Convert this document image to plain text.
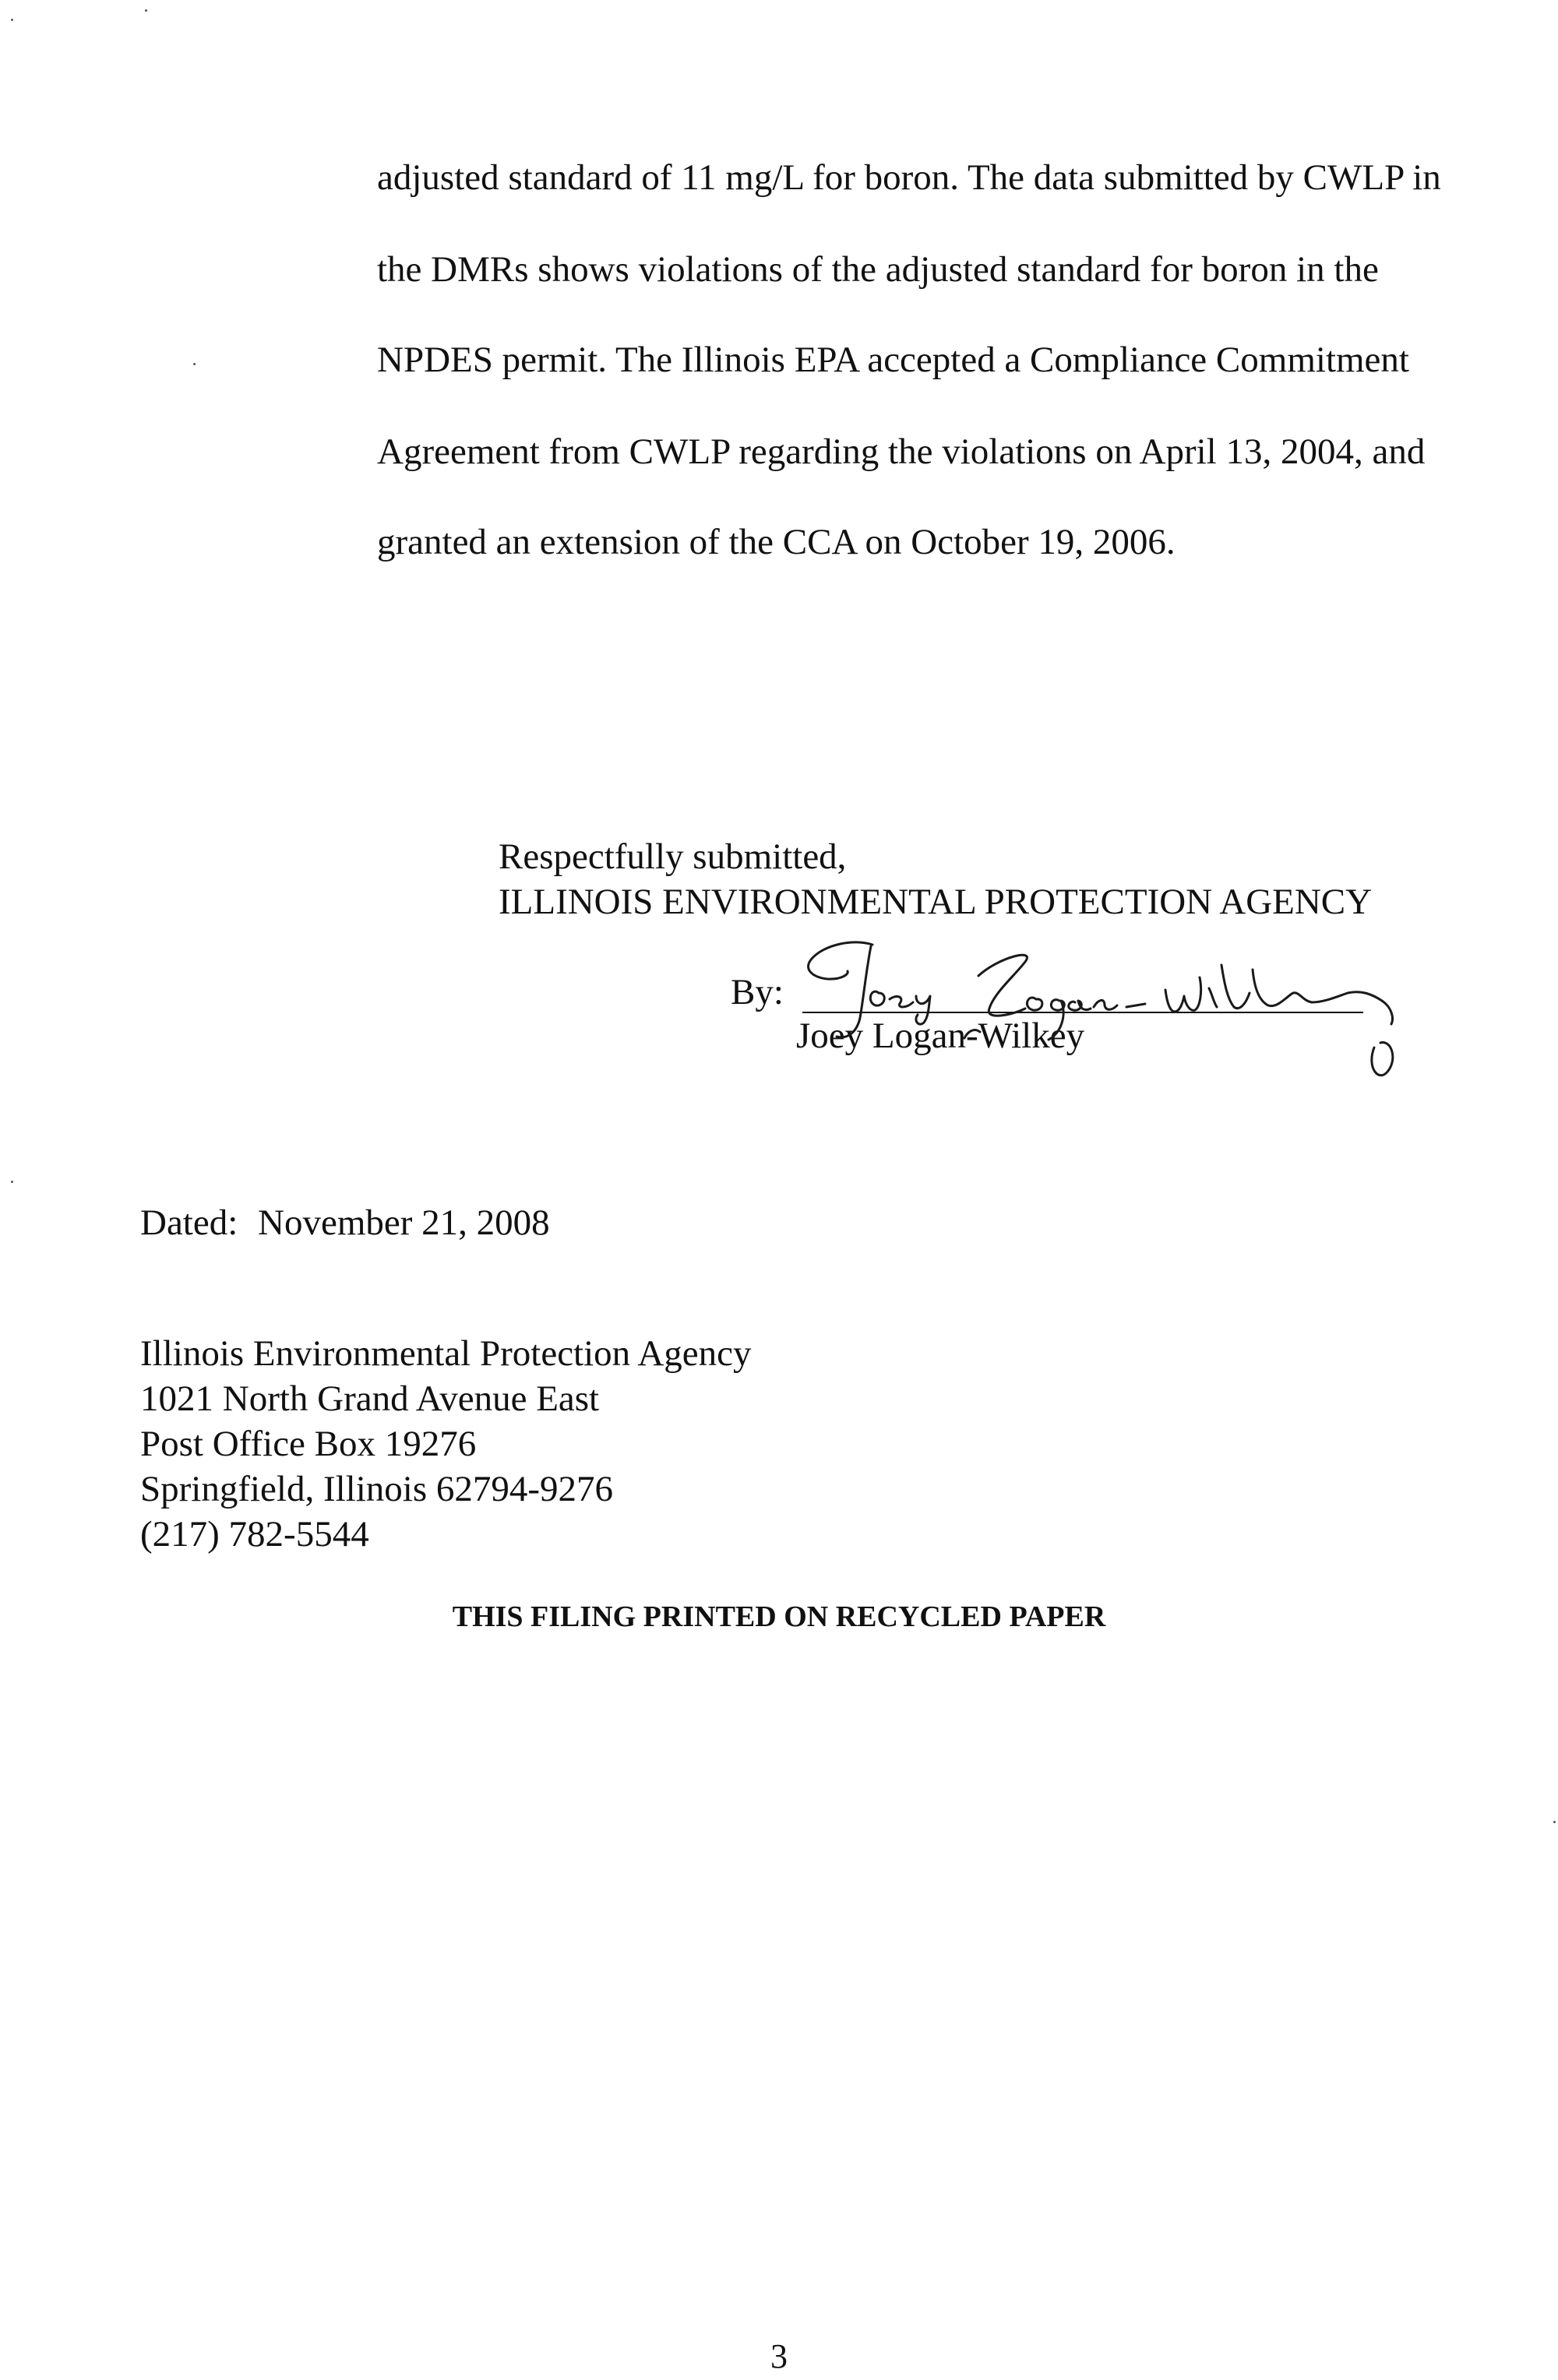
adjusted standard of 11 mg/L for boron. The data submitted by CWLP in
the DMRs shows violations of the adjusted standard for boron in the
NPDES permit. The Illinois EPA accepted a Compliance Commitment
Agreement from CWLP regarding the violations on April 13, 2004, and
granted an extension of the CCA on October 19, 2006.
Respectfully submitted,
ILLINOIS ENVIRONMENTAL PROTECTION AGENCY
By:
Joey Logan-Wilkey
Dated: November 21, 2008
Illinois Environmental Protection Agency
1021 North Grand Avenue East
Post Office Box 19276
Springfield, Illinois 62794-9276
(217) 782-5544
THIS FILING PRINTED ON RECYCLED PAPER
3
